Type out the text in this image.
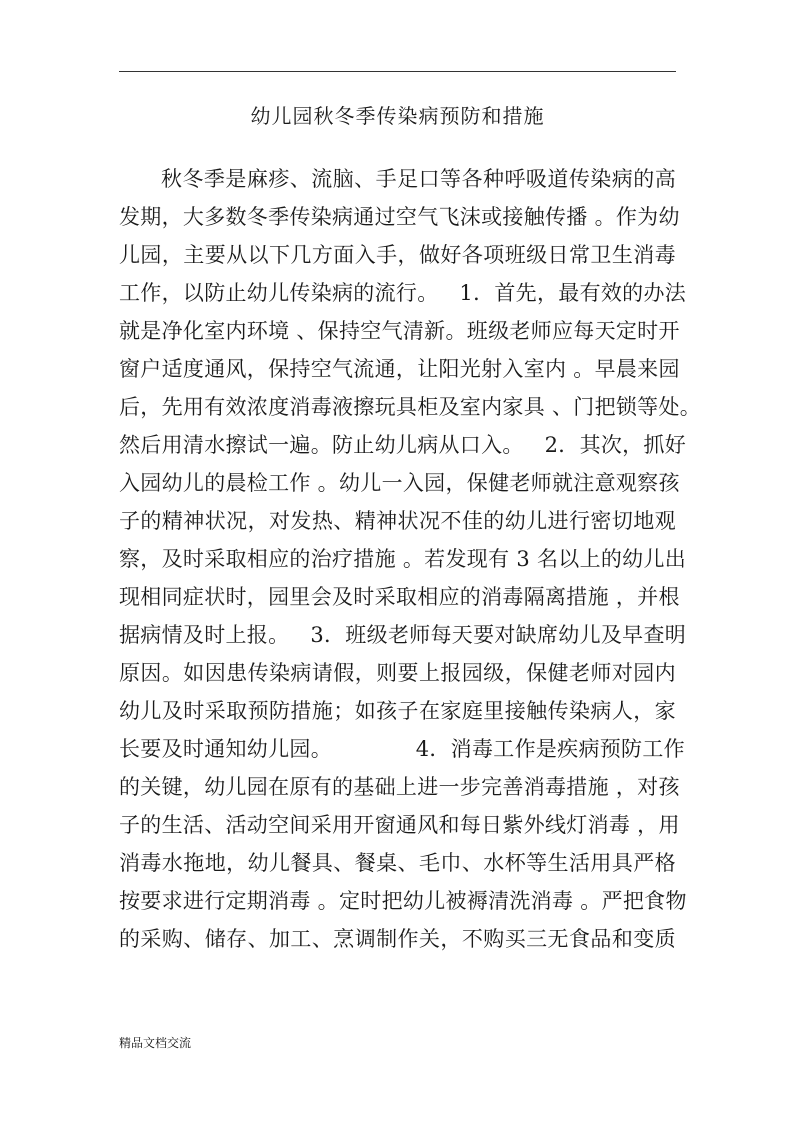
幼儿园秋冬季传染病预防和措施
秋冬季是麻疹、流脑、手足口等各种呼吸道传染病的高
发期，大多数冬季传染病通过空气飞沫或接触传播 。作为幼
儿园，主要从以下几方面入手，做好各项班级日常卫生消毒
工作，以防止幼儿传染病的流行。   1．首先，最有效的办法
就是净化室内环境 、保持空气清新。班级老师应每天定时开
窗户适度通风，保持空气流通，让阳光射入室内 。早晨来园
后，先用有效浓度消毒液擦玩具柜及室内家具 、门把锁等处。
然后用清水擦试一遍。防止幼儿病从口入。   2．其次，抓好
入园幼儿的晨检工作 。幼儿一入园，保健老师就注意观察孩
子的精神状况，对发热、精神状况不佳的幼儿进行密切地观
察，及时采取相应的治疗措施 。若发现有 3 名以上的幼儿出
现相同症状时，园里会及时采取相应的消毒隔离措施 ，并根
据病情及时上报。   3．班级老师每天要对缺席幼儿及早查明
原因。如因患传染病请假，则要上报园级，保健老师对园内
幼儿及时采取预防措施；如孩子在家庭里接触传染病人，家
长要及时通知幼儿园。            4．消毒工作是疾病预防工作
的关键，幼儿园在原有的基础上进一步完善消毒措施 ，对孩
子的生活、活动空间采用开窗通风和每日紫外线灯消毒 ，用
消毒水拖地，幼儿餐具、餐桌、毛巾、水杯等生活用具严格
按要求进行定期消毒 。定时把幼儿被褥清洗消毒 。严把食物
的采购、储存、加工、烹调制作关，不购买三无食品和变质
精品文档交流
